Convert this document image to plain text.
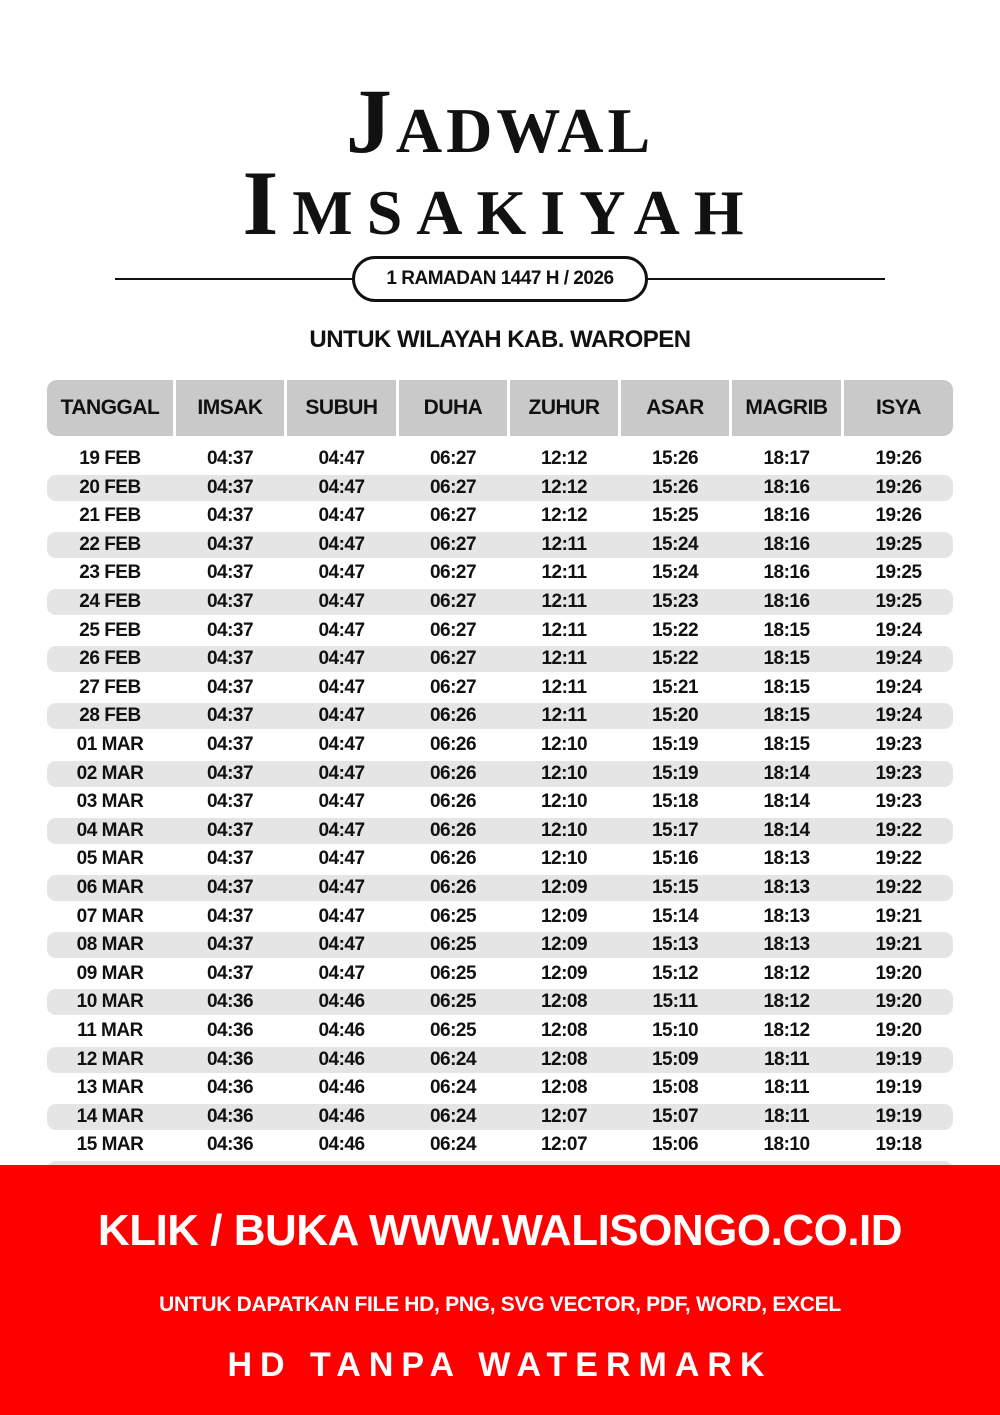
JADWAL
IMSAKIYAH
1 RAMADAN 1447 H / 2026
UNTUK WILAYAH KAB. WAROPEN
TANGGAL	IMSAK	SUBUH	DUHA	ZUHUR	ASAR	MAGRIB	ISYA
19 FEB	04:37	04:47	06:27	12:12	15:26	18:17	19:26
20 FEB	04:37	04:47	06:27	12:12	15:26	18:16	19:26
21 FEB	04:37	04:47	06:27	12:12	15:25	18:16	19:26
22 FEB	04:37	04:47	06:27	12:11	15:24	18:16	19:25
23 FEB	04:37	04:47	06:27	12:11	15:24	18:16	19:25
24 FEB	04:37	04:47	06:27	12:11	15:23	18:16	19:25
25 FEB	04:37	04:47	06:27	12:11	15:22	18:15	19:24
26 FEB	04:37	04:47	06:27	12:11	15:22	18:15	19:24
27 FEB	04:37	04:47	06:27	12:11	15:21	18:15	19:24
28 FEB	04:37	04:47	06:26	12:11	15:20	18:15	19:24
01 MAR	04:37	04:47	06:26	12:10	15:19	18:15	19:23
02 MAR	04:37	04:47	06:26	12:10	15:19	18:14	19:23
03 MAR	04:37	04:47	06:26	12:10	15:18	18:14	19:23
04 MAR	04:37	04:47	06:26	12:10	15:17	18:14	19:22
05 MAR	04:37	04:47	06:26	12:10	15:16	18:13	19:22
06 MAR	04:37	04:47	06:26	12:09	15:15	18:13	19:22
07 MAR	04:37	04:47	06:25	12:09	15:14	18:13	19:21
08 MAR	04:37	04:47	06:25	12:09	15:13	18:13	19:21
09 MAR	04:37	04:47	06:25	12:09	15:12	18:12	19:20
10 MAR	04:36	04:46	06:25	12:08	15:11	18:12	19:20
11 MAR	04:36	04:46	06:25	12:08	15:10	18:12	19:20
12 MAR	04:36	04:46	06:24	12:08	15:09	18:11	19:19
13 MAR	04:36	04:46	06:24	12:08	15:08	18:11	19:19
14 MAR	04:36	04:46	06:24	12:07	15:07	18:11	19:19
15 MAR	04:36	04:46	06:24	12:07	15:06	18:10	19:18
KLIK / BUKA WWW.WALISONGO.CO.ID
UNTUK DAPATKAN FILE HD, PNG, SVG VECTOR, PDF, WORD, EXCEL
HD TANPA WATERMARK
